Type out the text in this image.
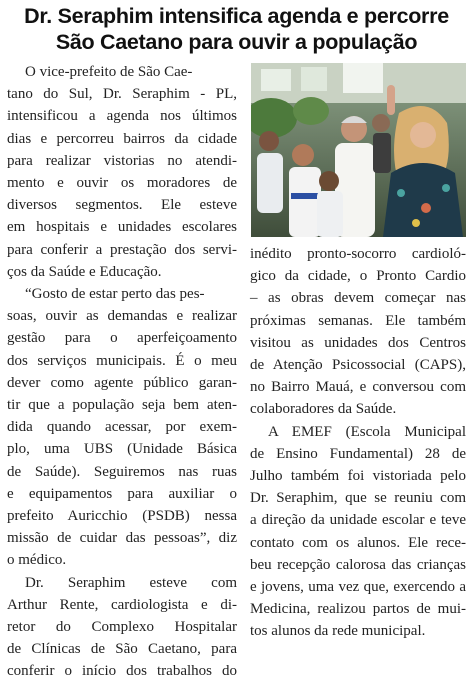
Dr. Seraphim intensifica agenda e percorre
São Caetano para ouvir a população
O vice-prefeito de São Cae-
tano do Sul, Dr. Seraphim - PL,
intensificou a agenda nos últimos
dias e percorreu bairros da cidade
para realizar vistorias no atendi-
mento e ouvir os moradores de
diversos segmentos. Ele esteve
em hospitais e unidades escolares
para conferir a prestação dos servi-
ços da Saúde e Educação.
“Gosto de estar perto das pes-
soas, ouvir as demandas e realizar
gestão para o aperfeiçoamento
dos serviços municipais. É o meu
dever como agente público garan-
tir que a população seja bem aten-
dida quando acessar, por exem-
plo, uma UBS (Unidade Básica
de Saúde). Seguiremos nas ruas
e equipamentos para auxiliar o
prefeito Auricchio (PSDB) nessa
missão de cuidar das pessoas”, diz
o médico.
Dr. Seraphim esteve com
Arthur Rente, cardiologista e di-
retor do Complexo Hospitalar
de Clínicas de São Caetano, para
conferir o início dos trabalhos do
inédito pronto-socorro cardioló-
gico da cidade, o Pronto Cardio
– as obras devem começar nas
próximas semanas. Ele também
visitou as unidades dos Centros
de Atenção Psicossocial (CAPS),
no Bairro Mauá, e conversou com
colaboradores da Saúde.
A EMEF (Escola Municipal
de Ensino Fundamental) 28 de
Julho também foi vistoriada pelo
Dr. Seraphim, que se reuniu com
a direção da unidade escolar e teve
contato com os alunos. Ele rece-
beu recepção calorosa das crianças
e jovens, uma vez que, exercendo a
Medicina, realizou partos de mui-
tos alunos da rede municipal.
